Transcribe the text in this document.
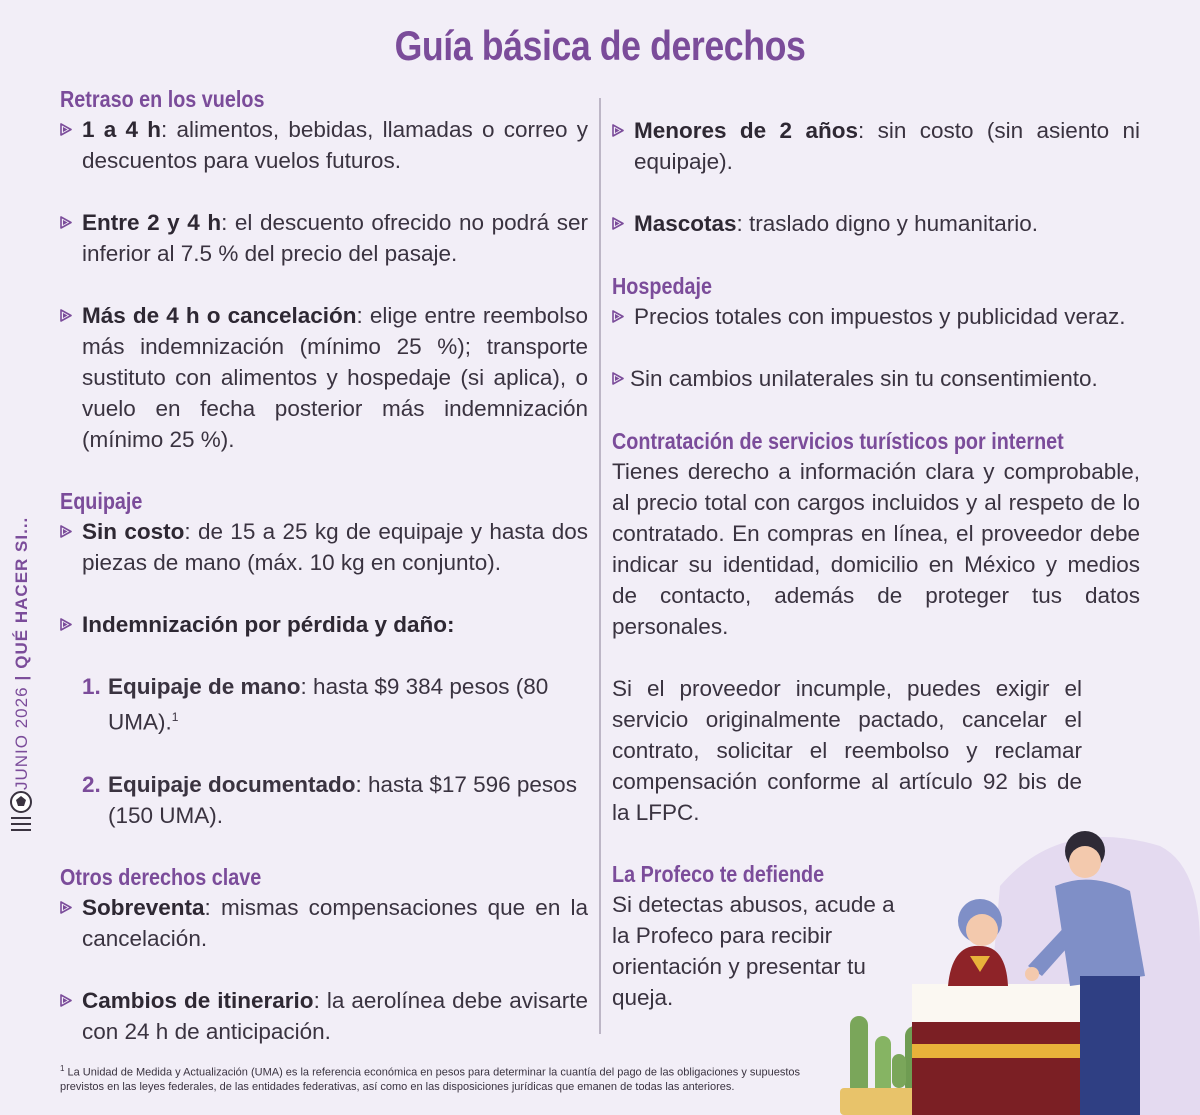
Guía básica de derechos
JUNIO 2026|QUÉ HACER SI...
Retraso en los vuelos
1 a 4 h: alimentos, bebidas, llamadas o correo y descuentos para vuelos futuros.
Entre 2 y 4 h: el descuento ofrecido no podrá ser inferior al 7.5 % del precio del pasaje.
Más de 4 h o cancelación: elige entre reembolso más indemnización (mínimo 25 %); transporte sustituto con alimentos y hospedaje (si aplica), o vuelo en fecha posterior más indemnización (mínimo 25 %).
Equipaje
Sin costo: de 15 a 25 kg de equipaje y hasta dos piezas de mano (máx. 10 kg en conjunto).
Indemnización por pérdida y daño:
1. Equipaje de mano: hasta $9 384 pesos (80 UMA).$^1$
2. Equipaje documentado: hasta $17 596 pesos (150 UMA).
Otros derechos clave
Sobreventa: mismas compensaciones que en la cancelación.
Cambios de itinerario: la aerolínea debe avisarte con 24 h de anticipación.
Menores de 2 años: sin costo (sin asiento ni equipaje).
Mascotas: traslado digno y humanitario.
Hospedaje
Precios totales con impuestos y publicidad veraz.
Sin cambios unilaterales sin tu consentimiento.
Contratación de servicios turísticos por internet
Tienes derecho a información clara y comprobable, al precio total con cargos incluidos y al respeto de lo contratado. En compras en línea, el proveedor debe indicar su identidad, domicilio en México y medios de contacto, además de proteger tus datos personales.
Si el proveedor incumple, puedes exigir el servicio originalmente pactado, cancelar el contrato, solicitar el reembolso y reclamar compensación conforme al artículo 92 bis de la LFPC.
La Profeco te defiende
Si detectas abusos, acude a la Profeco para recibir orientación y presentar tu queja.
$^1$ La Unidad de Medida y Actualización (UMA) es la referencia económica en pesos para determinar la cuantía del pago de las obligaciones y supuestos previstos en las leyes federales, de las entidades federativas, así como en las disposiciones jurídicas que emanen de todas las anteriores.
